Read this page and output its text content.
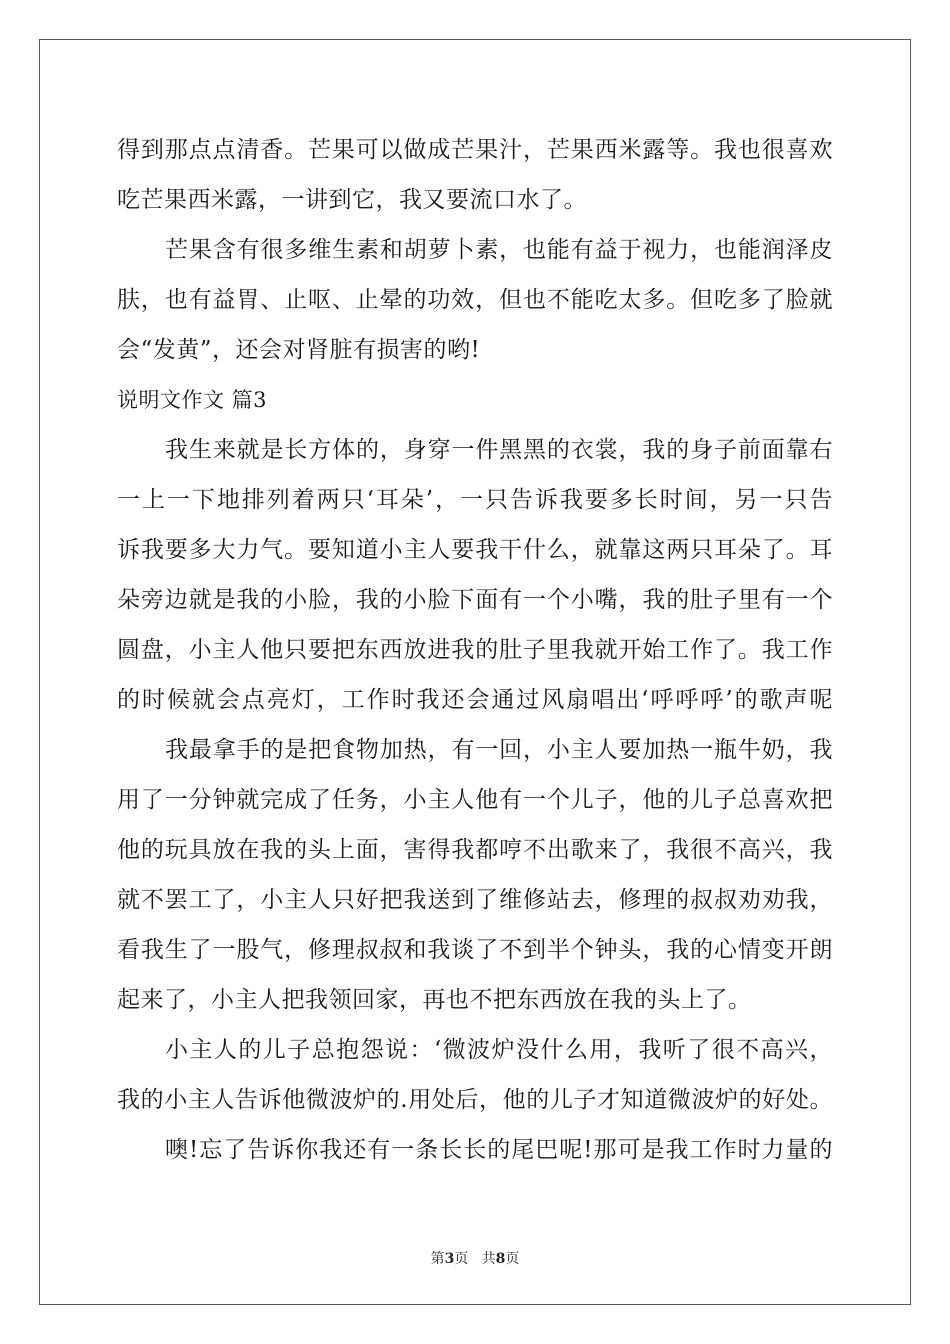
得到那点点清香。芒果可以做成芒果汁，芒果西米露等。我也很喜欢
吃芒果西米露，一讲到它，我又要流口水了。
芒果含有很多维生素和胡萝卜素，也能有益于视力，也能润泽皮
肤，也有益胃、止呕、止晕的功效，但也不能吃太多。但吃多了脸就
会“发黄”，还会对肾脏有损害的哟!
说明文作文 篇3
我生来就是长方体的，身穿一件黑黑的衣裳，我的身子前面靠右
一上一下地排列着两只‘耳朵’，一只告诉我要多长时间，另一只告
诉我要多大力气。要知道小主人要我干什么，就靠这两只耳朵了。耳
朵旁边就是我的小脸，我的小脸下面有一个小嘴，我的肚子里有一个
圆盘，小主人他只要把东西放进我的肚子里我就开始工作了。我工作
的时候就会点亮灯，工作时我还会通过风扇唱出‘呼呼呼’的歌声呢
我最拿手的是把食物加热，有一回，小主人要加热一瓶牛奶，我
用了一分钟就完成了任务，小主人他有一个儿子，他的儿子总喜欢把
他的玩具放在我的头上面，害得我都哼不出歌来了，我很不高兴，我
就不罢工了，小主人只好把我送到了维修站去，修理的叔叔劝劝我，
看我生了一股气，修理叔叔和我谈了不到半个钟头，我的心情变开朗
起来了，小主人把我领回家，再也不把东西放在我的头上了。
小主人的儿子总抱怨说：‘微波炉没什么用，我听了很不高兴，
我的小主人告诉他微波炉的.用处后，他的儿子才知道微波炉的好处。
噢!忘了告诉你我还有一条长长的尾巴呢!那可是我工作时力量的
第3页 共8页
